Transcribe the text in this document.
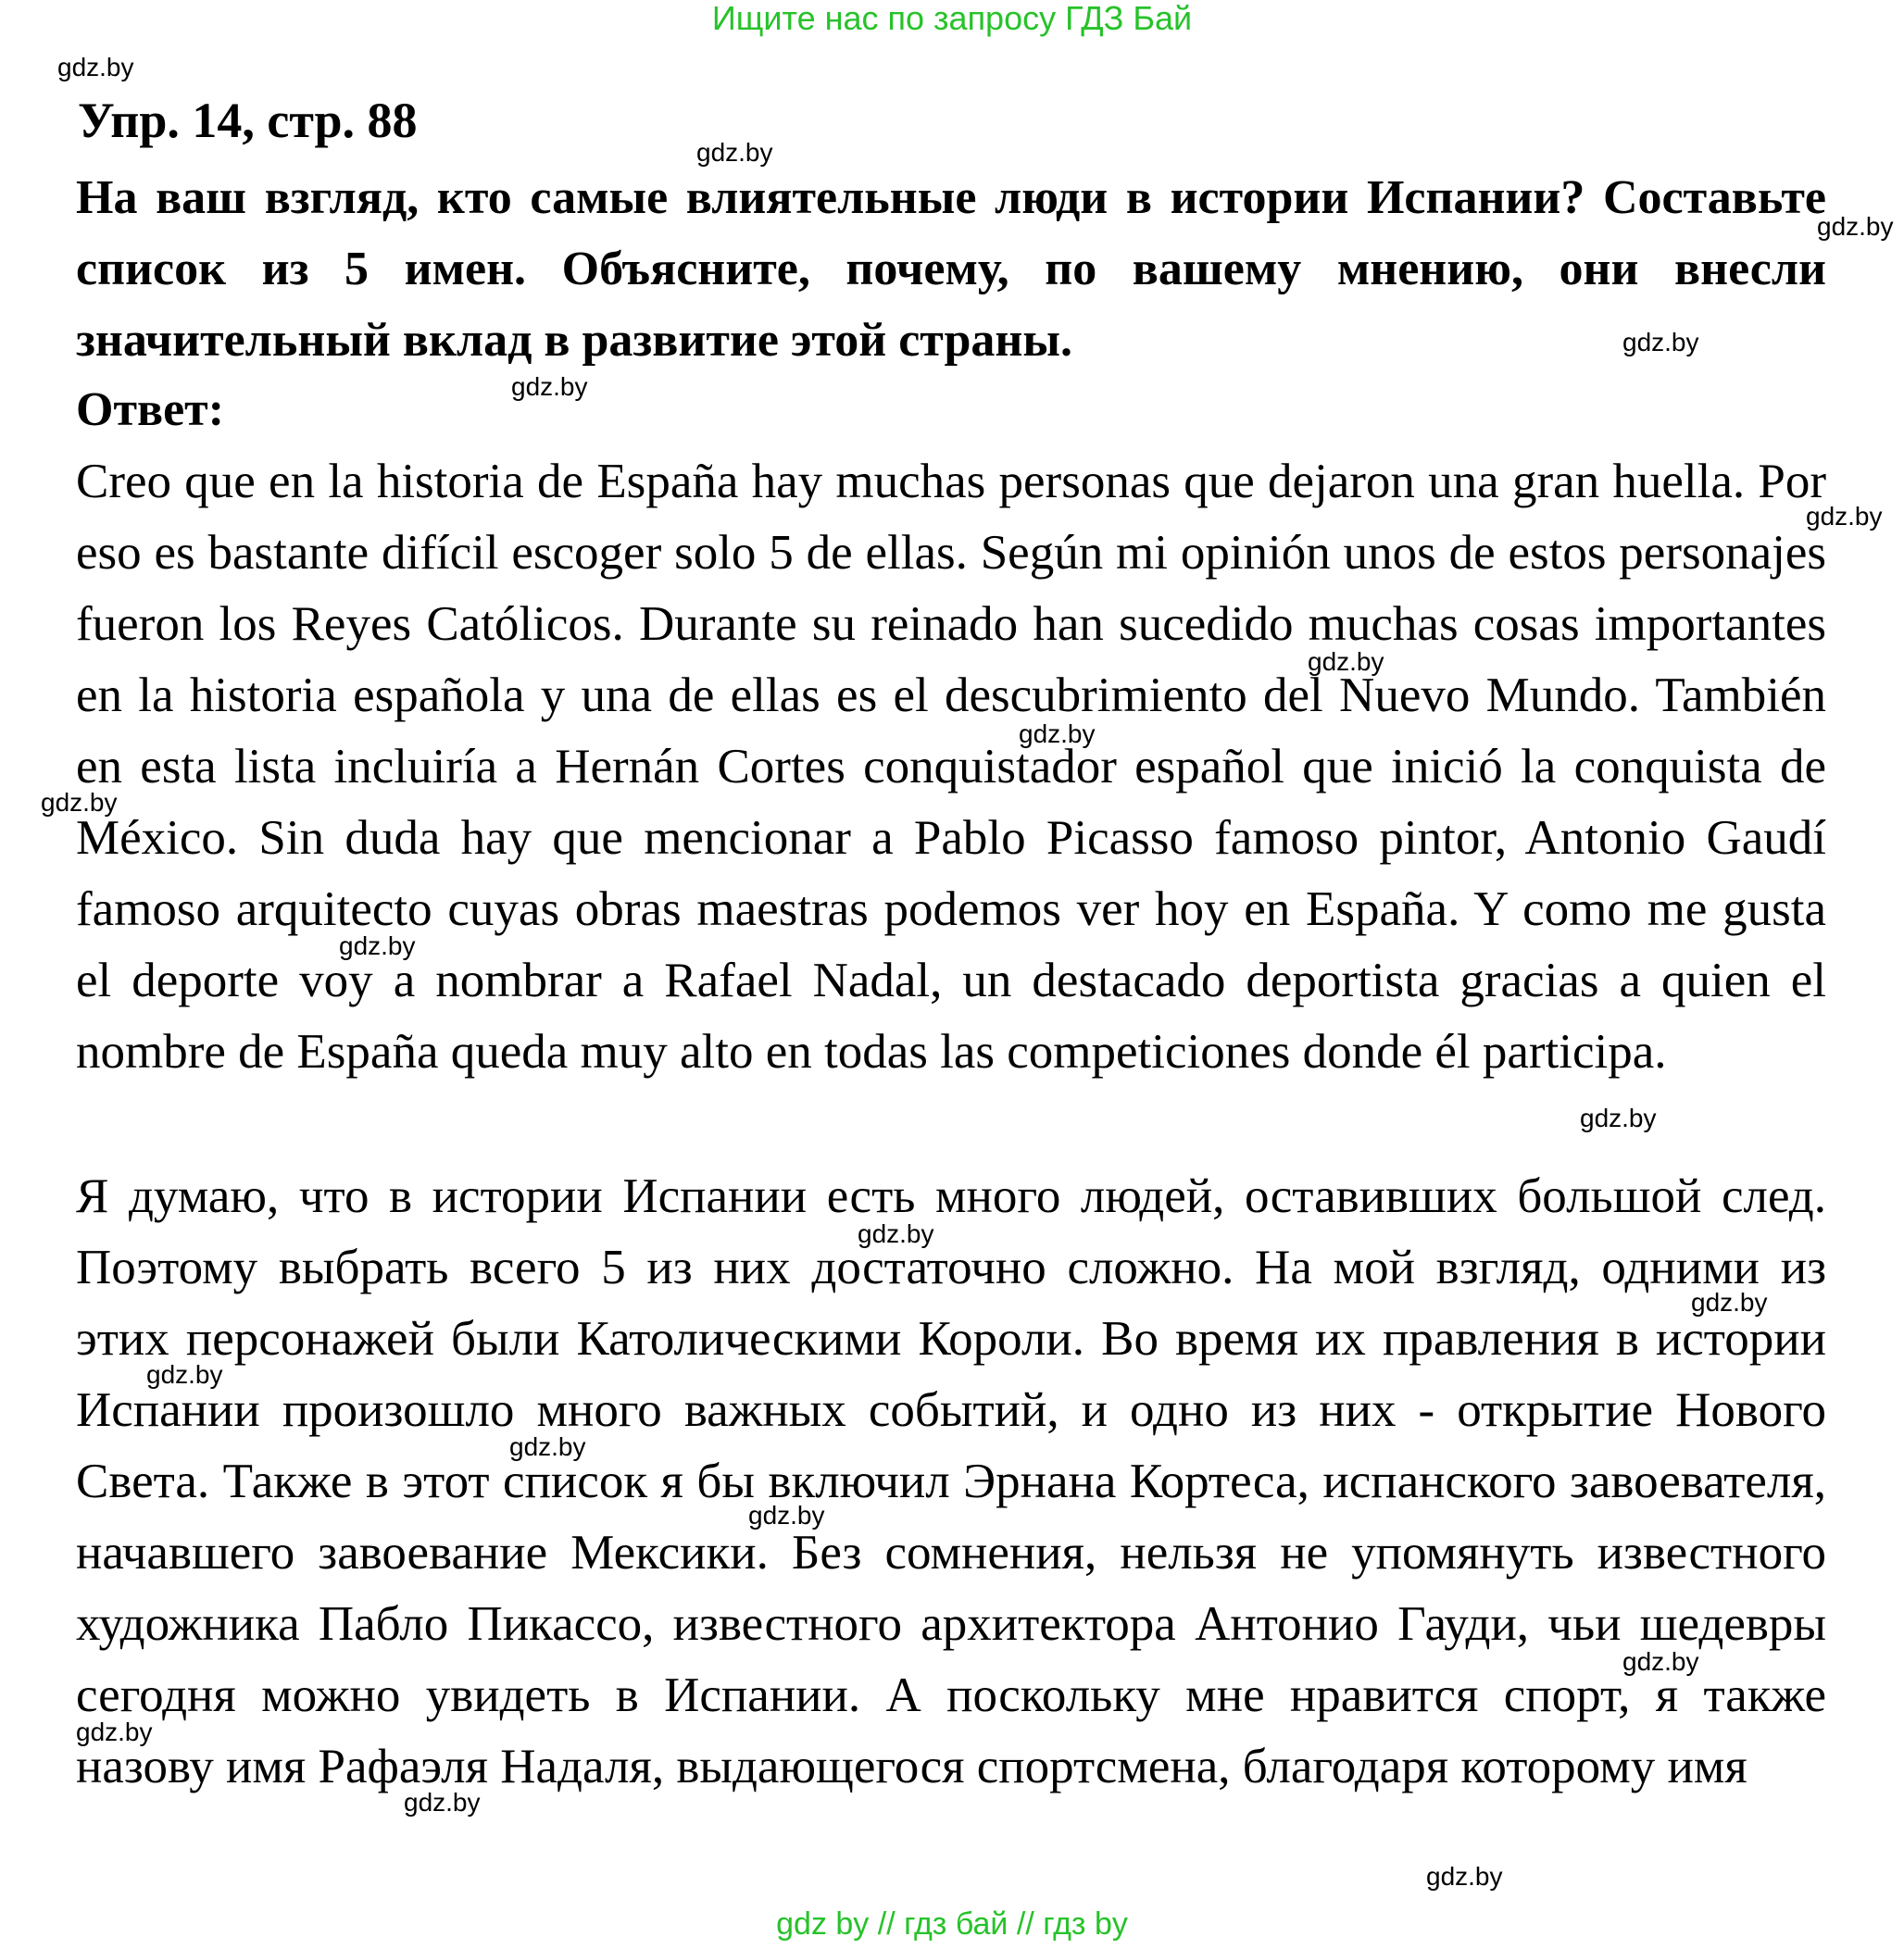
Ищите нас по запросу ГДЗ Бай
Упр. 14, стр. 88

На ваш взгляд, кто самые влиятельные люди в истории Испании? Составьте список из 5 имен. Объясните, почему, по вашему мнению, они внесли значительный вклад в развитие этой страны.

Ответ:

Creo que en la historia de España hay muchas personas que dejaron una gran huella. Por eso es bastante difícil escoger solo 5 de ellas. Según mi opinión unos de estos personajes fueron los Reyes Católicos. Durante su reinado han sucedido muchas cosas importantes en la historia española y una de ellas es el descubrimiento del Nuevo Mundo. También en esta lista incluiría a Hernán Cortes conquistador español que inició la conquista de México. Sin duda hay que mencionar a Pablo Picasso famoso pintor, Antonio Gaudí famoso arquitecto cuyas obras maestras podemos ver hoy en España. Y como me gusta el deporte voy a nombrar a Rafael Nadal, un destacado deportista gracias a quien el nombre de España queda muy alto en todas las competiciones donde él participa.

Я думаю, что в истории Испании есть много людей, оставивших большой след. Поэтому выбрать всего 5 из них достаточно сложно. На мой взгляд, одними из этих персонажей были Католическими Короли. Во время их правления в истории Испании произошло много важных событий, и одно из них - открытие Нового Света. Также в этот список я бы включил Эрнана Кортеса, испанского завоевателя, начавшего завоевание Мексики. Без сомнения, нельзя не упомянуть известного художника Пабло Пикассо, известного архитектора Антонио Гауди, чьи шедевры сегодня можно увидеть в Испании. А поскольку мне нравится спорт, я также назову имя Рафаэля Надаля, выдающегося спортсмена, благодаря которому имя

gdz.by
gdz.by
gdz.by
gdz.by
gdz.by
gdz.by
gdz.by
gdz.by
gdz.by
gdz.by
gdz.by
gdz.by
gdz.by
gdz.by
gdz.by
gdz.by
gdz.by
gdz.by
gdz.by
gdz.by
gdz by // гдз бай // гдз by
